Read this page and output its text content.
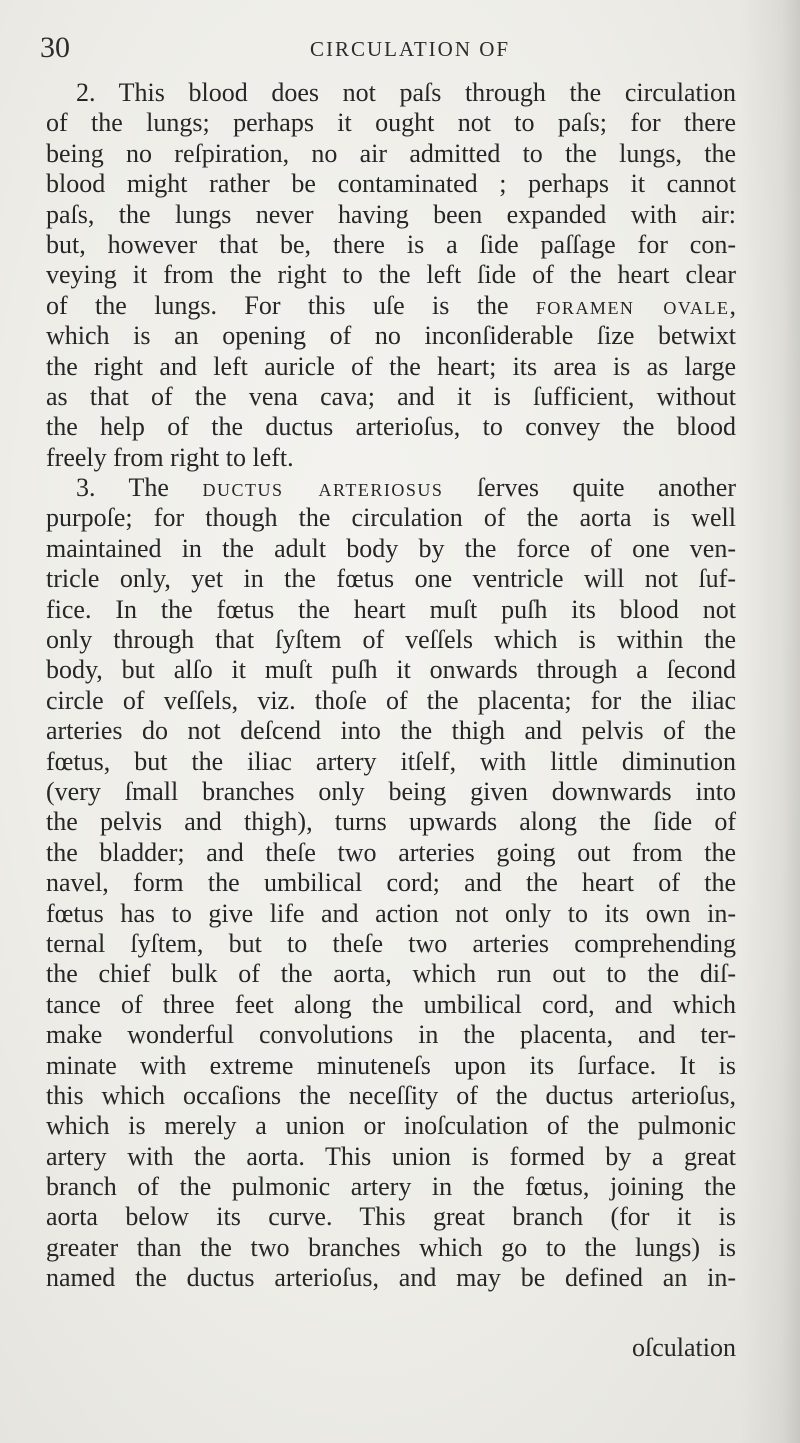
30	CIRCULATION OF
2. This blood does not paſs through the circulation
of the lungs; perhaps it ought not to paſs; for there
being no reſpiration, no air admitted to the lungs, the
blood might rather be contaminated ; perhaps it cannot
paſs, the lungs never having been expanded with air:
but, however that be, there is a ſide paſſage for con-
veying it from the right to the left ſide of the heart clear
of the lungs. For this uſe is the foramen ovale,
which is an opening of no inconſiderable ſize betwixt
the right and left auricle of the heart; its area is as large
as that of the vena cava; and it is ſufficient, without
the help of the ductus arterioſus, to convey the blood
freely from right to left.
3. The ductus arteriosus ſerves quite another
purpoſe; for though the circulation of the aorta is well
maintained in the adult body by the force of one ven-
tricle only, yet in the fœtus one ventricle will not ſuf-
fice. In the fœtus the heart muſt puſh its blood not
only through that ſyſtem of veſſels which is within the
body, but alſo it muſt puſh it onwards through a ſecond
circle of veſſels, viz. thoſe of the placenta; for the iliac
arteries do not deſcend into the thigh and pelvis of the
fœtus, but the iliac artery itſelf, with little diminution
(very ſmall branches only being given downwards into
the pelvis and thigh), turns upwards along the ſide of
the bladder; and theſe two arteries going out from the
navel, form the umbilical cord; and the heart of the
fœtus has to give life and action not only to its own in-
ternal ſyſtem, but to theſe two arteries comprehending
the chief bulk of the aorta, which run out to the diſ-
tance of three feet along the umbilical cord, and which
make wonderful convolutions in the placenta, and ter-
minate with extreme minuteneſs upon its ſurface. It is
this which occaſions the neceſſity of the ductus arterioſus,
which is merely a union or inoſculation of the pulmonic
artery with the aorta. This union is formed by a great
branch of the pulmonic artery in the fœtus, joining the
aorta below its curve. This great branch (for it is
greater than the two branches which go to the lungs) is
named the ductus arterioſus, and may be defined an in-
oſculation
